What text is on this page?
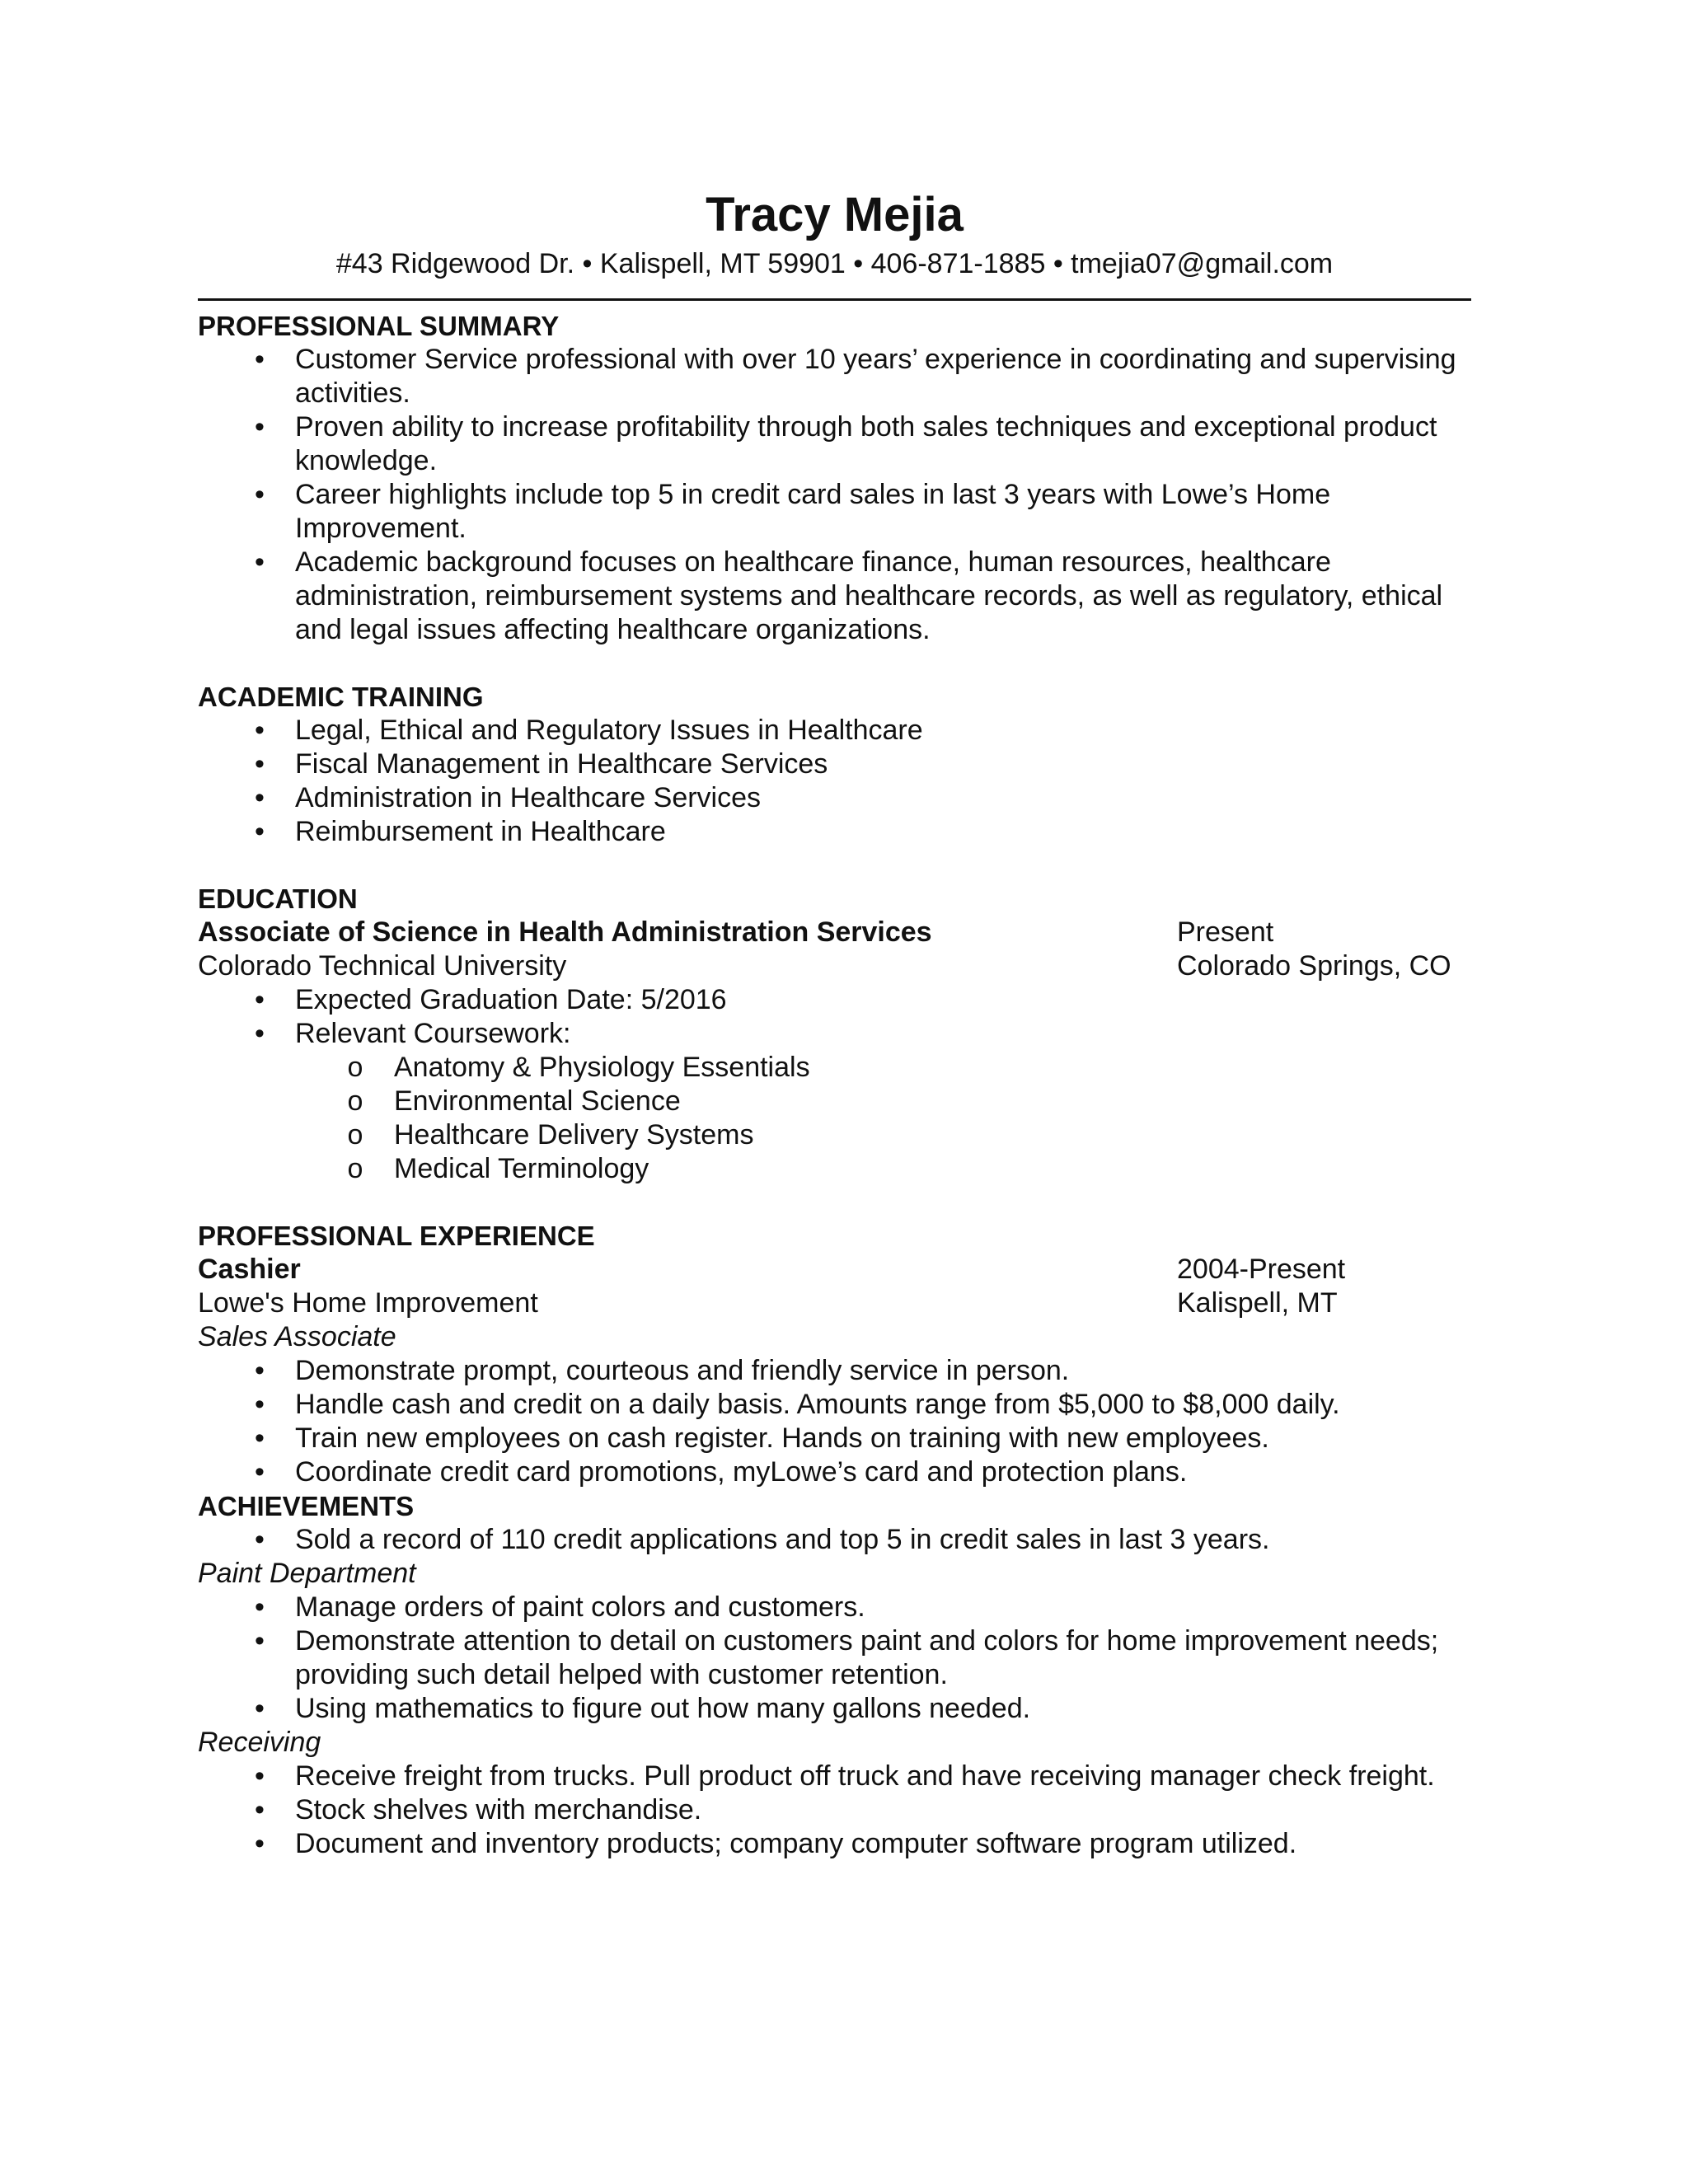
Tracy Mejia
#43 Ridgewood Dr. • Kalispell, MT 59901 • 406-871-1885 • tmejia07@gmail.com
PROFESSIONAL SUMMARY
• Customer Service professional with over 10 years’ experience in coordinating and supervising activities.
• Proven ability to increase profitability through both sales techniques and exceptional product knowledge.
• Career highlights include top 5 in credit card sales in last 3 years with Lowe’s Home Improvement.
• Academic background focuses on healthcare finance, human resources, healthcare administration, reimbursement systems and healthcare records, as well as regulatory, ethical and legal issues affecting healthcare organizations.
ACADEMIC TRAINING
• Legal, Ethical and Regulatory Issues in Healthcare
• Fiscal Management in Healthcare Services
• Administration in Healthcare Services
• Reimbursement in Healthcare
EDUCATION
Associate of Science in Health Administration Services	Present
Colorado Technical University	Colorado Springs, CO
• Expected Graduation Date: 5/2016
• Relevant Coursework:
o Anatomy & Physiology Essentials
o Environmental Science
o Healthcare Delivery Systems
o Medical Terminology
PROFESSIONAL EXPERIENCE
Cashier	2004-Present
Lowe's Home Improvement	Kalispell, MT
Sales Associate
• Demonstrate prompt, courteous and friendly service in person.
• Handle cash and credit on a daily basis. Amounts range from $5,000 to $8,000 daily.
• Train new employees on cash register. Hands on training with new employees.
• Coordinate credit card promotions, myLowe’s card and protection plans.
ACHIEVEMENTS
• Sold a record of 110 credit applications and top 5 in credit sales in last 3 years.
Paint Department
• Manage orders of paint colors and customers.
• Demonstrate attention to detail on customers paint and colors for home improvement needs; providing such detail helped with customer retention.
• Using mathematics to figure out how many gallons needed.
Receiving
• Receive freight from trucks. Pull product off truck and have receiving manager check freight.
• Stock shelves with merchandise.
• Document and inventory products; company computer software program utilized.
